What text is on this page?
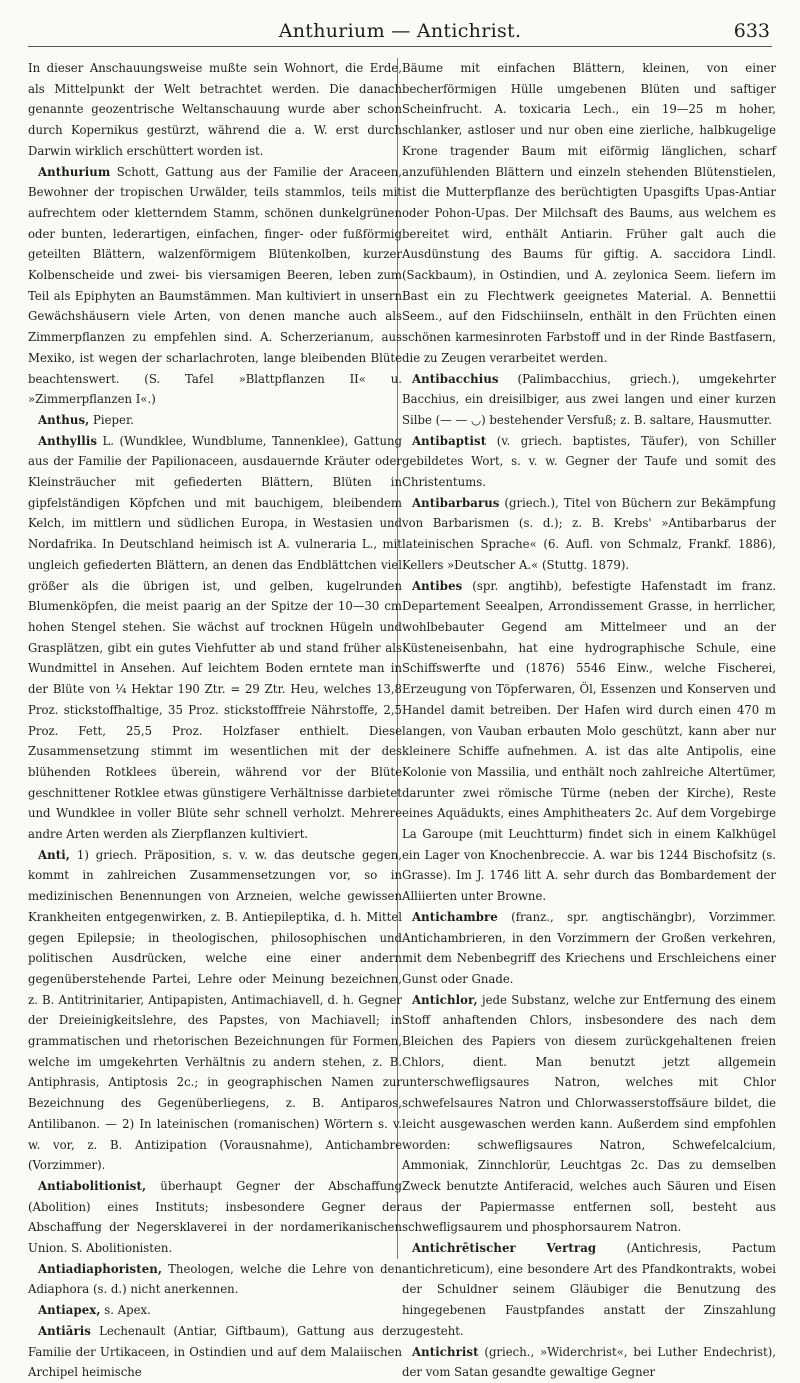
Anthurium — Antichrist.	633

In dieser Anschauungsweise mußte sein Wohnort, die Erde, als Mittelpunkt der Welt betrachtet werden. Die danach genannte geozentrische Weltanschauung wurde aber schon durch Kopernikus gestürzt, während die a. W. erst durch Darwin wirklich erschüttert worden ist.

Anthurium Schott, Gattung aus der Familie der Araceen, Bewohner der tropischen Urwälder, teils stammlos, teils mit aufrechtem oder kletterndem Stamm, schönen dunkelgrünen oder bunten, lederartigen, einfachen, finger- oder fußförmig geteilten Blättern, walzenförmigem Blütenkolben, kurzer Kolbenscheide und zwei- bis viersamigen Beeren, leben zum Teil als Epiphyten an Baumstämmen. Man kultiviert in unsern Gewächshäusern viele Arten, von denen manche auch als Zimmerpflanzen zu empfehlen sind. A. Scherzerianum, aus Mexiko, ist wegen der scharlachroten, lange bleibenden Blüte beachtenswert. (S. Tafel »Blattpflanzen II« u. »Zimmerpflanzen I«.)

Anthus, Pieper.

Anthyllis L. (Wundklee, Wundblume, Tannenklee), Gattung aus der Familie der Papilionaceen, ausdauernde Kräuter oder Kleinsträucher mit gefiederten Blättern, Blüten in gipfelständigen Köpfchen und mit bauchigem, bleibendem Kelch, im mittlern und südlichen Europa, in Westasien und Nordafrika. In Deutschland heimisch ist A. vulneraria L., mit ungleich gefiederten Blättern, an denen das Endblättchen viel größer als die übrigen ist, und gelben, kugelrunden Blumenköpfen, die meist paarig an der Spitze der 10—30 cm hohen Stengel stehen. Sie wächst auf trocknen Hügeln und Grasplätzen, gibt ein gutes Viehfutter ab und stand früher als Wundmittel in Ansehen. Auf leichtem Boden erntete man in der Blüte von ¼ Hektar 190 Ztr. = 29 Ztr. Heu, welches 13,8 Proz. stickstoffhaltige, 35 Proz. stickstofffreie Nährstoffe, 2,5 Proz. Fett, 25,5 Proz. Holzfaser enthielt. Diese Zusammensetzung stimmt im wesentlichen mit der des blühenden Rotklees überein, während vor der Blüte geschnittener Rotklee etwas günstigere Verhältnisse darbietet und Wundklee in voller Blüte sehr schnell verholzt. Mehrere andre Arten werden als Zierpflanzen kultiviert.

Anti, 1) griech. Präposition, s. v. w. das deutsche gegen, kommt in zahlreichen Zusammensetzungen vor, so in medizinischen Benennungen von Arzneien, welche gewissen Krankheiten entgegenwirken, z. B. Antiepileptika, d. h. Mittel gegen Epilepsie; in theologischen, philosophischen und politischen Ausdrücken, welche eine einer andern gegenüberstehende Partei, Lehre oder Meinung bezeichnen, z. B. Antitrinitarier, Antipapisten, Antimachiavell, d. h. Gegner der Dreieinigkeitslehre, des Papstes, von Machiavell; in grammatischen und rhetorischen Bezeichnungen für Formen, welche im umgekehrten Verhältnis zu andern stehen, z. B. Antiphrasis, Antiptosis 2c.; in geographischen Namen zur Bezeichnung des Gegenüberliegens, z. B. Antiparos, Antilibanon. — 2) In lateinischen (romanischen) Wörtern s. v. w. vor, z. B. Antizipation (Vorausnahme), Antichambre (Vorzimmer).

Antiabolitionist, überhaupt Gegner der Abschaffung (Abolition) eines Instituts; insbesondere Gegner der Abschaffung der Negersklaverei in der nordamerikanischen Union. S. Abolitionisten.

Antiadiaphoristen, Theologen, welche die Lehre von den Adiaphora (s. d.) nicht anerkennen.

Antiapex, s. Apex.

Antiāris Lechenault (Antiar, Giftbaum), Gattung aus der Familie der Urtikaceen, in Ostindien und auf dem Malaiischen Archipel heimische

Bäume mit einfachen Blättern, kleinen, von einer becherförmigen Hülle umgebenen Blüten und saftiger Scheinfrucht. A. toxicaria Lech., ein 19—25 m hoher, schlanker, astloser und nur oben eine zierliche, halbkugelige Krone tragender Baum mit eiförmig länglichen, scharf anzufühlenden Blättern und einzeln stehenden Blütenstielen, ist die Mutterpflanze des berüchtigten Upasgifts Upas-Antiar oder Pohon-Upas. Der Milchsaft des Baums, aus welchem es bereitet wird, enthält Antiarin. Früher galt auch die Ausdünstung des Baums für giftig. A. saccidora Lindl. (Sackbaum), in Ostindien, und A. zeylonica Seem. liefern im Bast ein zu Flechtwerk geeignetes Material. A. Bennettii Seem., auf den Fidschiinseln, enthält in den Früchten einen schönen karmesinroten Farbstoff und in der Rinde Bastfasern, die zu Zeugen verarbeitet werden.

Antibacchius (Palimbacchius, griech.), umgekehrter Bacchius, ein dreisilbiger, aus zwei langen und einer kurzen Silbe (— — ◡) bestehender Versfuß; z. B. saltare, Hausmutter.

Antibaptist (v. griech. baptistes, Täufer), von Schiller gebildetes Wort, s. v. w. Gegner der Taufe und somit des Christentums.

Antibarbarus (griech.), Titel von Büchern zur Bekämpfung von Barbarismen (s. d.); z. B. Krebs' »Antibarbarus der lateinischen Sprache« (6. Aufl. von Schmalz, Frankf. 1886), Kellers »Deutscher A.« (Stuttg. 1879).

Antibes (spr. angtihb), befestigte Hafenstadt im franz. Departement Seealpen, Arrondissement Grasse, in herrlicher, wohlbebauter Gegend am Mittelmeer und an der Küsteneisenbahn, hat eine hydrographische Schule, eine Schiffswerfte und (1876) 5546 Einw., welche Fischerei, Erzeugung von Töpferwaren, Öl, Essenzen und Konserven und Handel damit betreiben. Der Hafen wird durch einen 470 m langen, von Vauban erbauten Molo geschützt, kann aber nur kleinere Schiffe aufnehmen. A. ist das alte Antipolis, eine Kolonie von Massilia, und enthält noch zahlreiche Altertümer, darunter zwei römische Türme (neben der Kirche), Reste eines Aquädukts, eines Amphitheaters 2c. Auf dem Vorgebirge La Garoupe (mit Leuchtturm) findet sich in einem Kalkhügel ein Lager von Knochenbreccie. A. war bis 1244 Bischofsitz (s. Grasse). Im J. 1746 litt A. sehr durch das Bombardement der Alliierten unter Browne.

Antichambre (franz., spr. angtischängbr), Vorzimmer. Antichambrieren, in den Vorzimmern der Großen verkehren, mit dem Nebenbegriff des Kriechens und Erschleichens einer Gunst oder Gnade.

Antichlor, jede Substanz, welche zur Entfernung des einem Stoff anhaftenden Chlors, insbesondere des nach dem Bleichen des Papiers von diesem zurückgehaltenen freien Chlors, dient. Man benutzt jetzt allgemein unterschwefligsaures Natron, welches mit Chlor schwefelsaures Natron und Chlorwasserstoffsäure bildet, die leicht ausgewaschen werden kann. Außerdem sind empfohlen worden: schwefligsaures Natron, Schwefelcalcium, Ammoniak, Zinnchlorür, Leuchtgas 2c. Das zu demselben Zweck benutzte Antiferacid, welches auch Säuren und Eisen aus der Papiermasse entfernen soll, besteht aus schwefligsaurem und phosphorsaurem Natron.

Antichrētischer Vertrag (Antichresis, Pactum antichreticum), eine besondere Art des Pfandkontrakts, wobei der Schuldner seinem Gläubiger die Benutzung des hingegebenen Faustpfandes anstatt der Zinszahlung zugesteht.

Antichrist (griech., »Widerchrist«, bei Luther Endechrist), der vom Satan gesandte gewaltige Gegner
